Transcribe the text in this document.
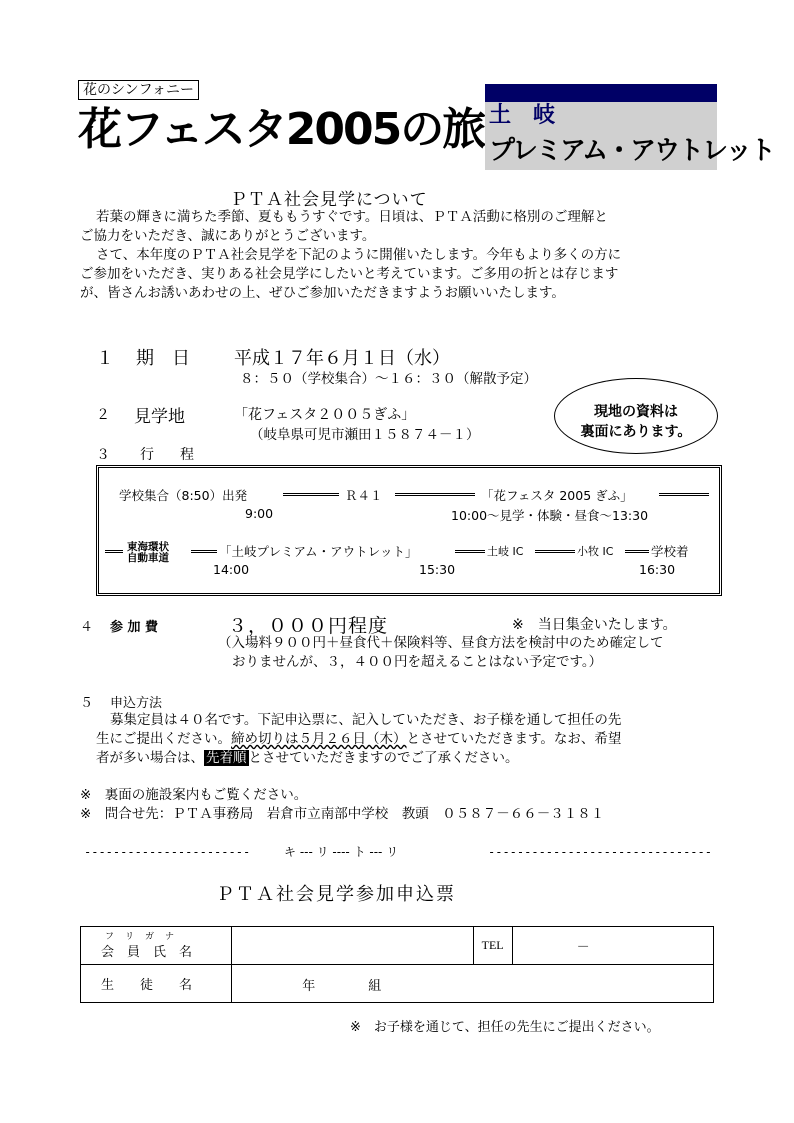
花のシンフォニー
花フェスタ2005の旅 土　岐
プレミアム・アウトレット
ＰＴＡ社会見学について
若葉の輝きに満ちた季節、夏ももうすぐです。日頃は、ＰＴＡ活動に格別のご理解と
ご協力をいただき、誠にありがとうございます。
さて、本年度のＰＴＡ社会見学を下記のように開催いたします。今年もより多くの方に
ご参加をいただき、実りある社会見学にしたいと考えています。ご多用の折とは存じます
が、皆さんお誘いあわせの上、ぜひご参加いただきますようお願いいたします。
１ 期　日 平成１７年６月１日（水）
８：５０（学校集合）～１６：３０（解散予定）
２ 見学地	「花フェスタ２００５ぎふ」
（岐阜県可児市瀬田１５８７４－１）
現地の資料は
裏面にあります。
３ 行　程
学校集合（8:50）出発	Ｒ４１	「花フェスタ 2005 ぎふ」
9:00	10:00～見学・体験・昼食～13:30
東海環状
自動車道	「土岐プレミアム・アウトレット」	土岐 IC	小牧 IC	学校着
14:00	15:30	16:30
４ 参 加 費	３，０００円程度	※　当日集金いたします。
（入場料９００円＋昼食代＋保険料等、昼食方法を検討中のため確定して
おりませんが、３，４００円を超えることはない予定です。）
５ 申込方法
募集定員は４０名です。下記申込票に、記入していただき、お子様を通して担任の先
生にご提出ください。締め切りは５月２６日（木）とさせていただきます。なお、希望
者が多い場合は、 先着順 とさせていただきますのでご了承ください。
※　裏面の施設案内もご覧ください。
※　問合せ先：ＰＴＡ事務局　岩倉市立南部中学校　教頭　０５８７－６６－３１８１
-----------------------	キ --- リ ---- ト --- リ	-------------------------------
ＰＴＡ社会見学参加申込票
フ　リ　ガ　ナ
会　員　氏　名		TEL	－

生　　徒　　名	年 組		
※　お子様を通じて、担任の先生にご提出ください。
